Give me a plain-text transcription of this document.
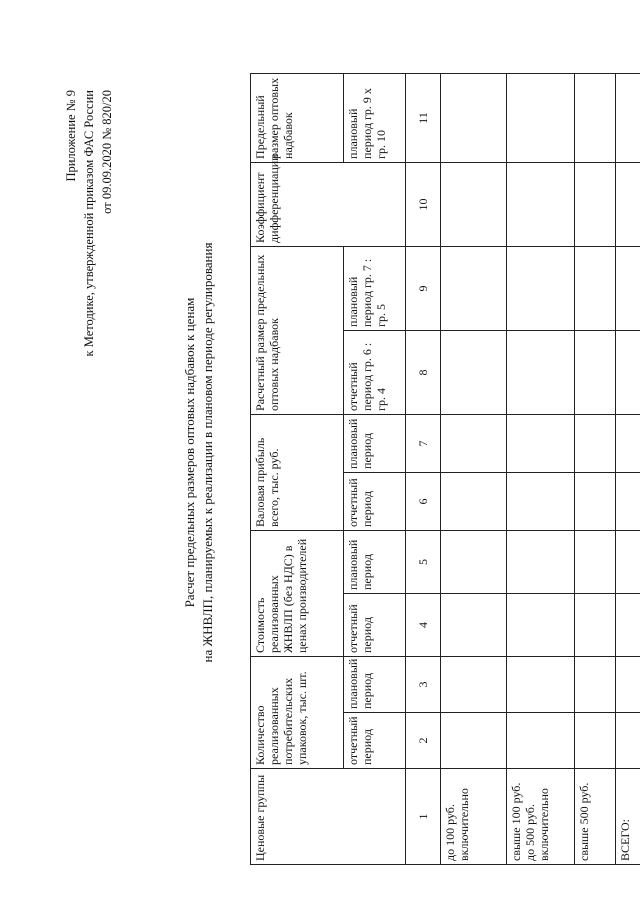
Приложение № 9 к Методике, утвержденной приказом ФАС России от 09.09.2020 № 820/20
Расчет предельных размеров оптовых надбавок к ценам на ЖНВЛП, планируемых к реализации в плановом периоде регулирования
Ценовые группы	Количество реализованных потребительских упаковок, тыс. шт.		Стоимость реализованных ЖНВЛП (без НДС) в ценах производителей		Валовая прибыль всего, тыс. руб.		Расчетный размер предельных оптовых надбавок		Коэффициент дифференциации	Предельный размер оптовых надбавок
	отчетный период	плановый период	отчетный период	плановый период	отчетный период	плановый период	отчетный период гр. 6 : гр. 4	плановый период гр. 7 : гр. 5		плановый период гр. 9 х гр. 10
1	2	3	4	5	6	7	8	9	10	11
до 100 руб. включительно										
свыше 100 руб. до 500 руб. включительно										
свыше 500 руб.										
ВСЕГО:										
